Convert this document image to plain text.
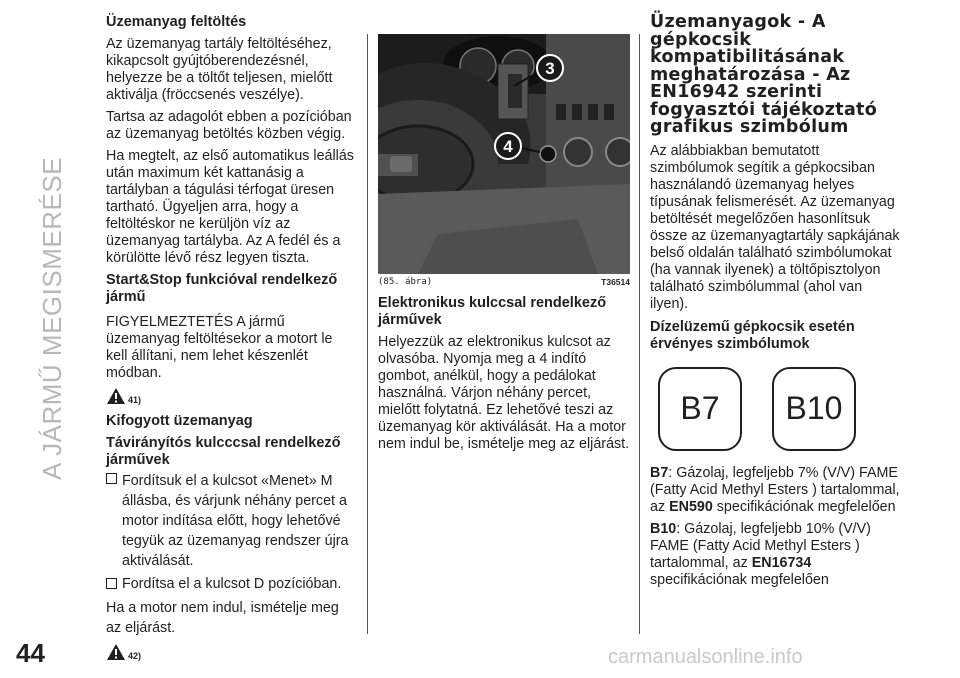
A JÁRMŰ MEGISMERÉSE
Üzemanyag feltöltés

Az üzemanyag tartály feltöltéséhez, kikapcsolt gyújtóberendezésnél, helyezze be a töltőt teljesen, mielőtt aktiválja (fröccsenés veszélye).

Tartsa az adagolót ebben a pozícióban az üzemanyag betöltés közben végig.

Ha megtelt, az első automatikus leállás után maximum két kattanásig a tartályban a tágulási térfogat üresen tartható. Ügyeljen arra, hogy a feltöltéskor ne kerüljön víz az üzemanyag tartályba. Az A fedél és a körülötte lévő rész legyen tiszta.

Start&Stop funkcióval rendelkező jármű

FIGYELMEZTETÉS A jármű üzemanyag feltöltésekor a motort le kell állítani, nem lehet készenlét módban.

41)
Kifogyott üzemanyag
Távirányítós kulcccsal rendelkező járművek
Fordítsuk el a kulcsot «Menet» M állásba, és várjunk néhány percet a motor indítása előtt, hogy lehetővé tegyük az üzemanyag rendszer újra aktiválását.
Fordítsa el a kulcsot D pozícióban.

Ha a motor nem indul, ismételje meg az eljárást.

42)
3
4
(85. ábra)	T36514
Elektronikus kulccsal rendelkező járművek

Helyezzük az elektronikus kulcsot az olvasóba. Nyomja meg a 4 indító gombot, anélkül, hogy a pedálokat használná. Várjon néhány percet, mielőtt folytatná. Ez lehetővé teszi az üzemanyag kör aktiválását. Ha a motor nem indul be, ismételje meg az eljárást.

Üzemanyagok - A gépkocsik kompatibilitásának meghatározása - Az EN16942 szerinti fogyasztói tájékoztató grafikus szimbólum

Az alábbiakban bemutatott szimbólumok segítik a gépkocsiban használandó üzemanyag helyes típusának felismerését. Az üzemanyag betöltését megelőzően hasonlítsuk össze az üzemanyagtartály sapkájának belső oldalán található szimbólumokat (ha vannak ilyenek) a töltőpisztolyon található szimbólummal (ahol van ilyen).

Dízelüzemű gépkocsik esetén érvényes szimbólumok
B7	B10

B7: Gázolaj, legfeljebb 7% (V/V) FAME (Fatty Acid Methyl Esters ) tartalommal, az EN590 specifikációnak megfelelően

B10: Gázolaj, legfeljebb 10% (V/V) FAME (Fatty Acid Methyl Esters ) tartalommal, az EN16734 specifikációnak megfelelően

44	carmanualsonline.info
